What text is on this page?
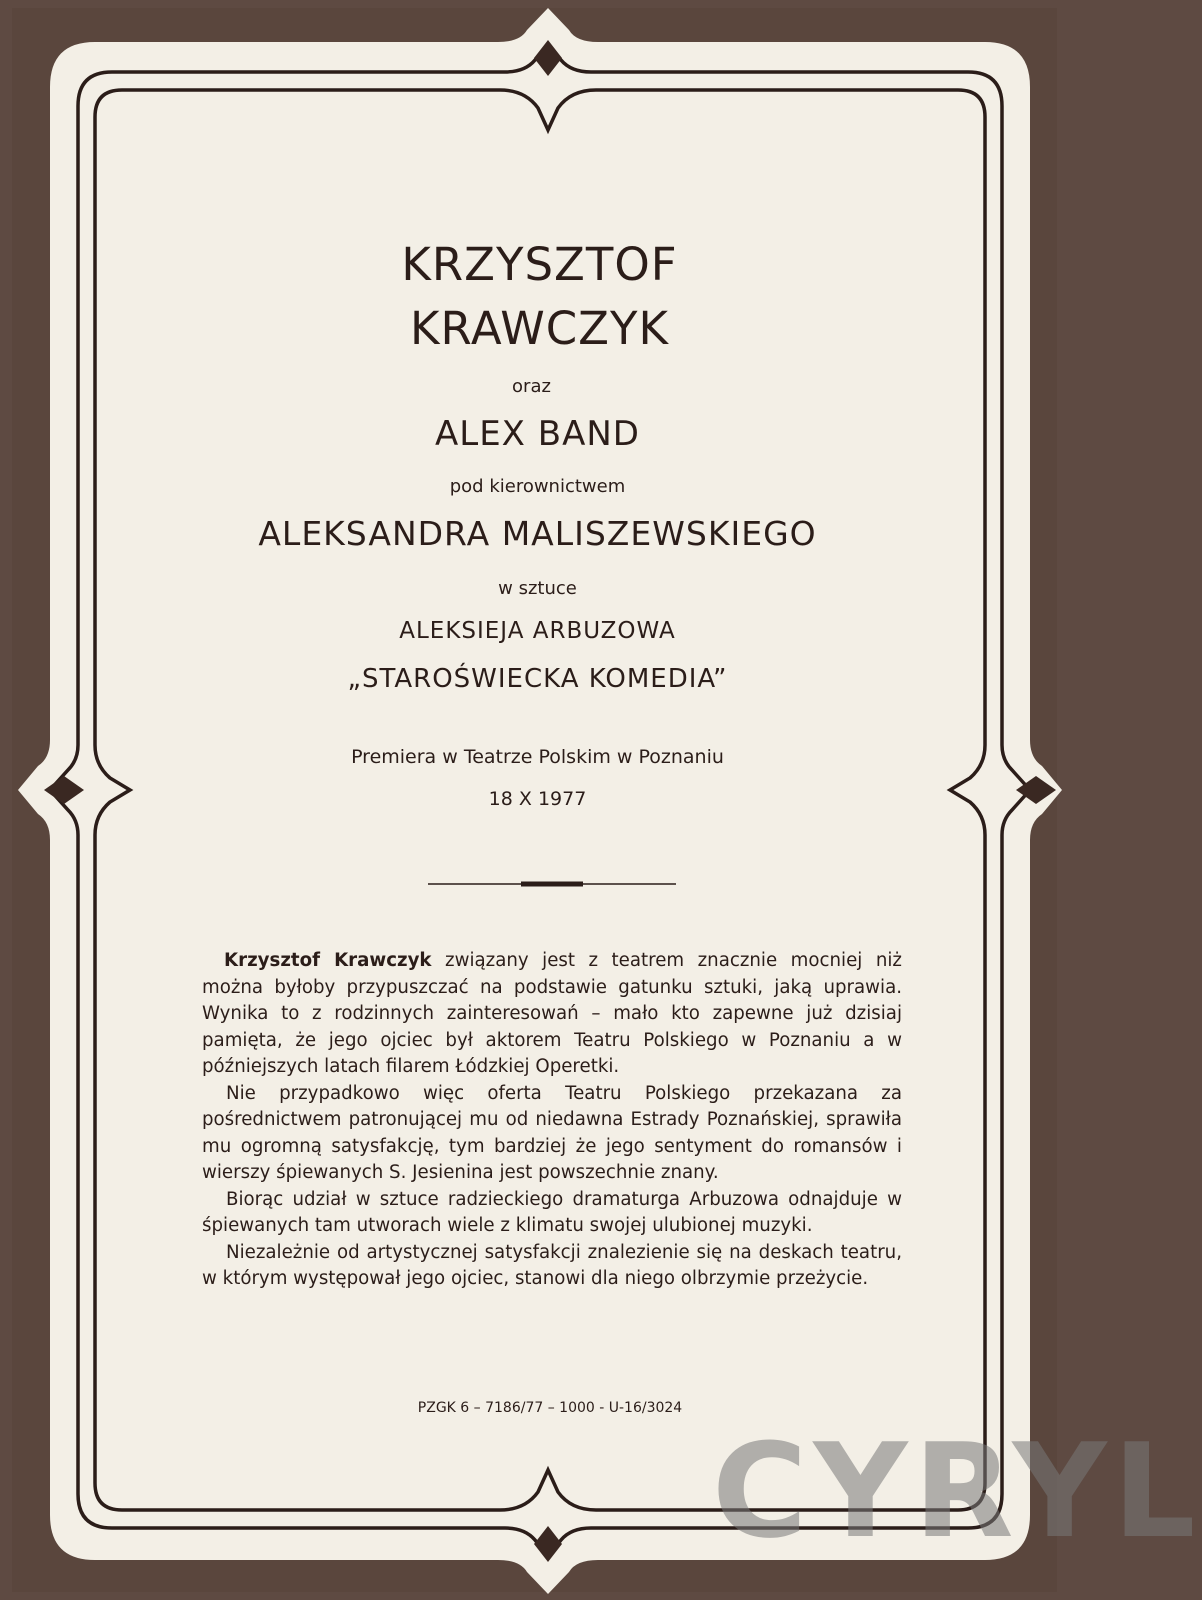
KRZYSZTOF
KRAWCZYK
oraz
ALEX BAND
pod kierownictwem
ALEKSANDRA MALISZEWSKIEGO
w sztuce
ALEKSIEJA ARBUZOWA
„STAROŚWIECKA KOMEDIA”
Premiera w Teatrze Polskim w Poznaniu
18 X 1977

Krzysztof Krawczyk związany jest z teatrem znacznie mocniej niż można byłoby przypuszczać na podstawie gatunku sztuki, jaką uprawia. Wynika to z rodzinnych zainteresowań – mało kto zapewne już dzisiaj pamięta, że jego ojciec był aktorem Teatru Polskiego w Poznaniu a w późniejszych latach filarem Łódzkiej Operetki.

Nie przypadkowo więc oferta Teatru Polskiego przekazana za pośrednictwem patronującej mu od niedawna Estrady Poznańskiej, sprawiła mu ogromną satysfakcję, tym bardziej że jego sentyment do romansów i wierszy śpiewanych S. Jesienina jest powszechnie znany.

Biorąc udział w sztuce radzieckiego dramaturga Arbuzowa odnajduje w śpiewanych tam utworach wiele z klimatu swojej ulubionej muzyki.

Niezależnie od artystycznej satysfakcji znalezienie się na deskach teatru, w którym występował jego ojciec, stanowi dla niego olbrzymie przeżycie.

PZGK 6 – 7186/77 – 1000 - U-16/3024
CYRYL
